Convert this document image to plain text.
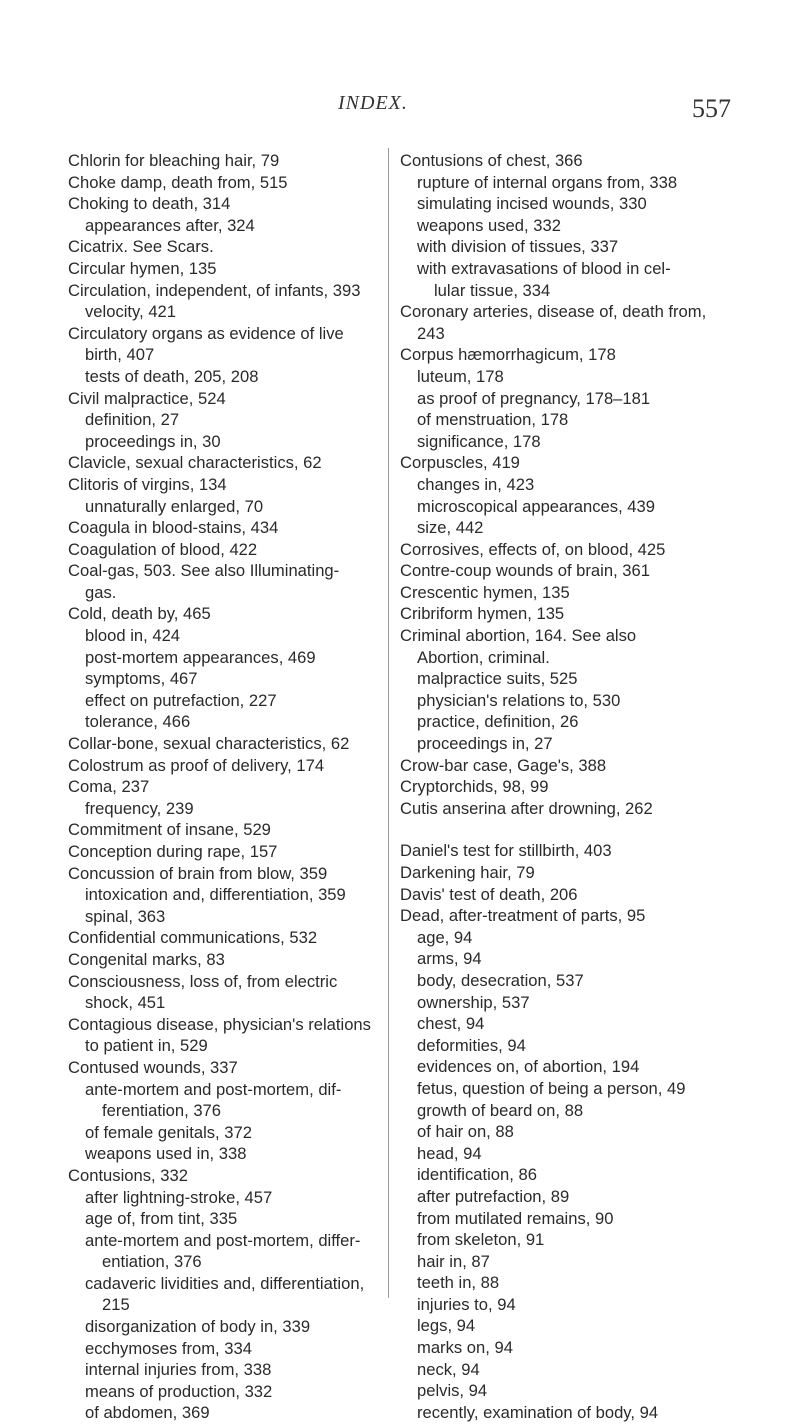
INDEX.	557
Chlorin for bleaching hair, 79
Choke damp, death from, 515
Choking to death, 314
appearances after, 324
Cicatrix. See Scars.
Circular hymen, 135
Circulation, independent, of infants, 393
velocity, 421
Circulatory organs as evidence of live
birth, 407
tests of death, 205, 208
Civil malpractice, 524
definition, 27
proceedings in, 30
Clavicle, sexual characteristics, 62
Clitoris of virgins, 134
unnaturally enlarged, 70
Coagula in blood-stains, 434
Coagulation of blood, 422
Coal-gas, 503. See also Illuminating-
gas.
Cold, death by, 465
blood in, 424
post-mortem appearances, 469
symptoms, 467
effect on putrefaction, 227
tolerance, 466
Collar-bone, sexual characteristics, 62
Colostrum as proof of delivery, 174
Coma, 237
frequency, 239
Commitment of insane, 529
Conception during rape, 157
Concussion of brain from blow, 359
intoxication and, differentiation, 359
spinal, 363
Confidential communications, 532
Congenital marks, 83
Consciousness, loss of, from electric
shock, 451
Contagious disease, physician's relations
to patient in, 529
Contused wounds, 337
ante-mortem and post-mortem, dif-
ferentiation, 376
of female genitals, 372
weapons used in, 338
Contusions, 332
after lightning-stroke, 457
age of, from tint, 335
ante-mortem and post-mortem, differ-
entiation, 376
cadaveric lividities and, differentiation,
215
disorganization of body in, 339
ecchymoses from, 334
internal injuries from, 338
means of production, 332
of abdomen, 369
Contusions of chest, 366
rupture of internal organs from, 338
simulating incised wounds, 330
weapons used, 332
with division of tissues, 337
with extravasations of blood in cel-
lular tissue, 334
Coronary arteries, disease of, death from,
243
Corpus hæmorrhagicum, 178
luteum, 178
as proof of pregnancy, 178–181
of menstruation, 178
significance, 178
Corpuscles, 419
changes in, 423
microscopical appearances, 439
size, 442
Corrosives, effects of, on blood, 425
Contre-coup wounds of brain, 361
Crescentic hymen, 135
Cribriform hymen, 135
Criminal abortion, 164. See also
Abortion, criminal.
malpractice suits, 525
physician's relations to, 530
practice, definition, 26
proceedings in, 27
Crow-bar case, Gage's, 388
Cryptorchids, 98, 99
Cutis anserina after drowning, 262
Daniel's test for stillbirth, 403
Darkening hair, 79
Davis' test of death, 206
Dead, after-treatment of parts, 95
age, 94
arms, 94
body, desecration, 537
ownership, 537
chest, 94
deformities, 94
evidences on, of abortion, 194
fetus, question of being a person, 49
growth of beard on, 88
of hair on, 88
head, 94
identification, 86
after putrefaction, 89
from mutilated remains, 90
from skeleton, 91
hair in, 87
teeth in, 88
injuries to, 94
legs, 94
marks on, 94
neck, 94
pelvis, 94
recently, examination of body, 94
